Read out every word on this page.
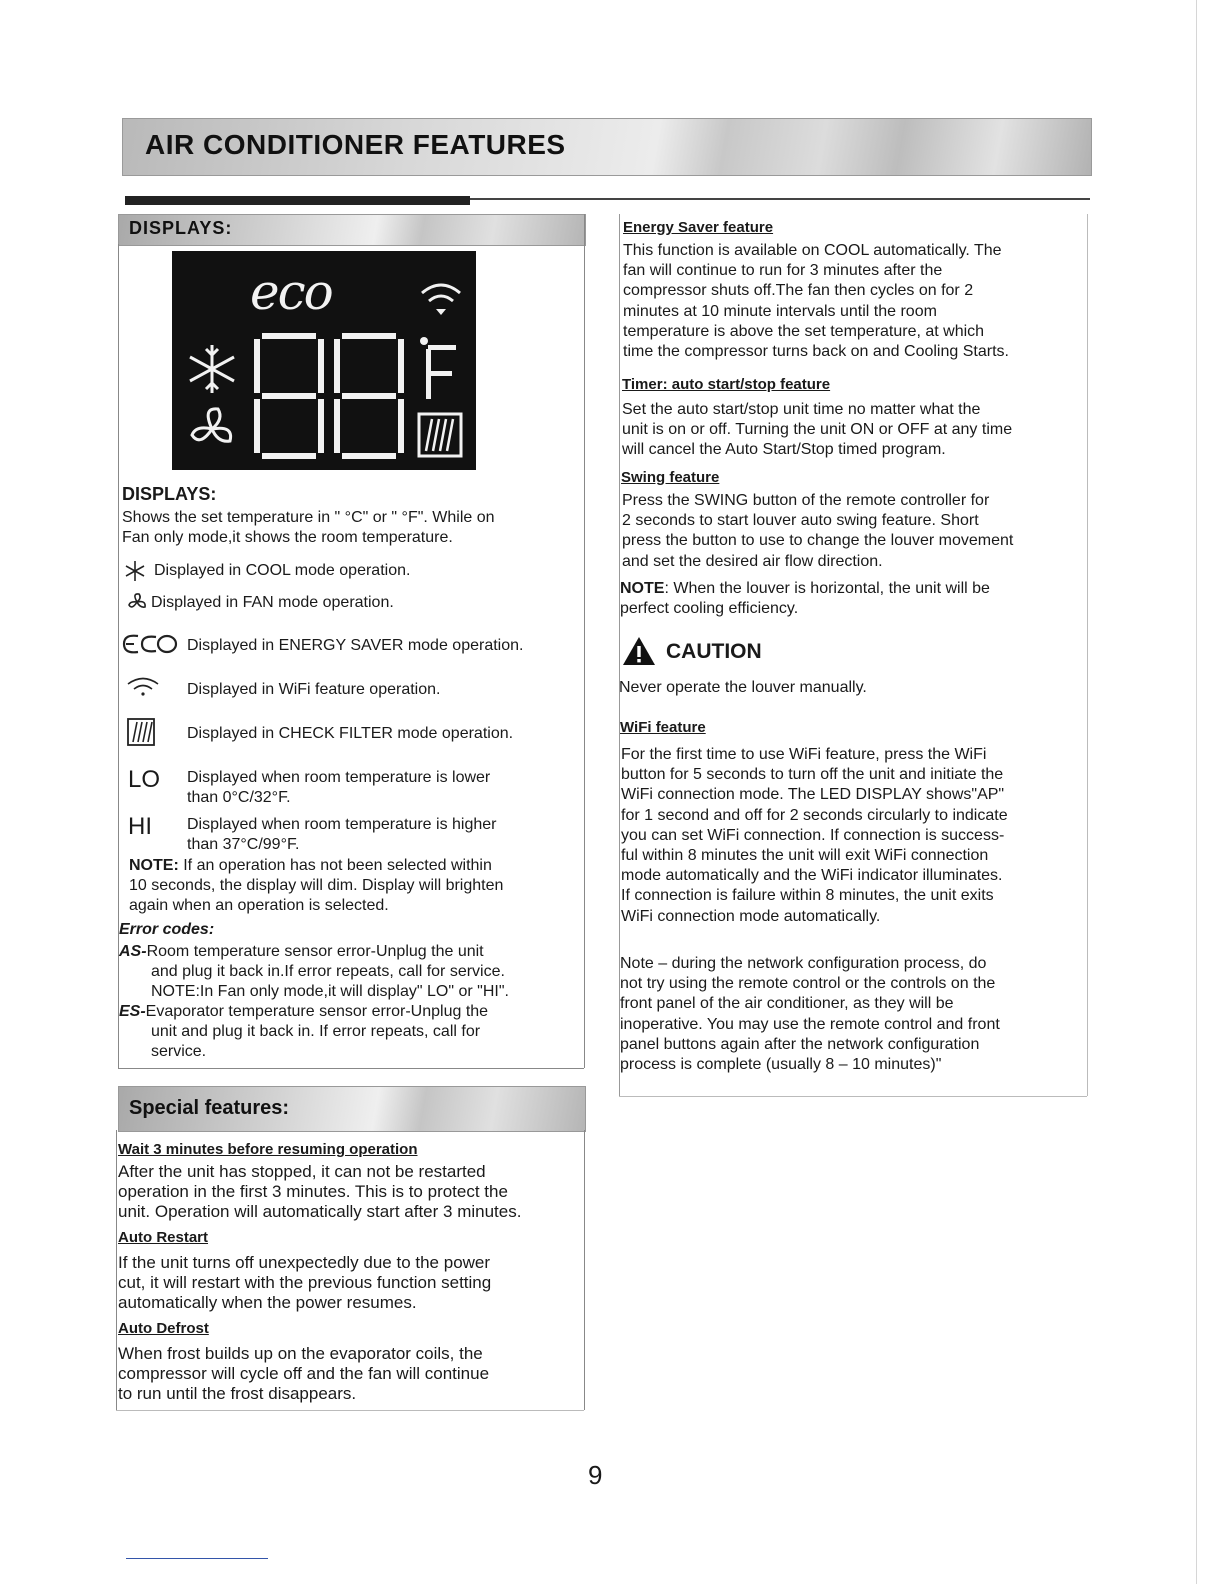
AIR CONDITIONER FEATURES
DISPLAYS:
eco
DISPLAYS:
Shows the set temperature in " °C" or " °F". While on
Fan only mode,it shows the room temperature.
Displayed in COOL mode operation.
Displayed in FAN mode operation.
Displayed in ENERGY SAVER mode operation.
Displayed in WiFi feature operation.
Displayed in CHECK FILTER mode operation.
LO Displayed when room temperature is lower
than 0°C/32°F.
HI Displayed when room temperature is higher
than 37°C/99°F.
NOTE: If an operation has not been selected within
10 seconds, the display will dim. Display will brighten
again when an operation is selected.
Error codes:
AS-Room temperature sensor error-Unplug the unit
and plug it back in.If error repeats, call for service.
NOTE:In Fan only mode,it will display" LO" or "HI".
ES-Evaporator temperature sensor error-Unplug the
unit and plug it back in. If error repeats, call for
service.
Special features:
Wait 3 minutes before resuming operation
After the unit has stopped, it can not be restarted
operation in the first 3 minutes. This is to protect the
unit. Operation will automatically start after 3 minutes.
Auto Restart
If the unit turns off unexpectedly due to the power
cut, it will restart with the previous function setting
automatically when the power resumes.
Auto Defrost
When frost builds up on the evaporator coils, the
compressor will cycle off and the fan will continue
to run until the frost disappears.
Energy Saver feature
This function is available on COOL automatically. The
fan will continue to run for 3 minutes after the
compressor shuts off.The fan then cycles on for 2
minutes at 10 minute intervals until the room
temperature is above the set temperature, at which
time the compressor turns back on and Cooling Starts.
Timer: auto start/stop feature
Set the auto start/stop unit time no matter what the
unit is on or off. Turning the unit ON or OFF at any time
will cancel the Auto Start/Stop timed program.
Swing feature
Press the SWING button of the remote controller for
2 seconds to start louver auto swing feature. Short
press the button to use to change the louver movement
and set the desired air flow direction.
NOTE: When the louver is horizontal, the unit will be
perfect cooling efficiency.
CAUTION
Never operate the louver manually.
WiFi feature
For the first time to use WiFi feature, press the WiFi
button for 5 seconds to turn off the unit and initiate the
WiFi connection mode. The LED DISPLAY shows"AP"
for 1 second and off for 2 seconds circularly to indicate
you can set WiFi connection. If connection is success-
ful within 8 minutes the unit will exit WiFi connection
mode automatically and the WiFi indicator illuminates.
If connection is failure within 8 minutes, the unit exits
WiFi connection mode automatically.
Note – during the network configuration process, do
not try using the remote control or the controls on the
front panel of the air conditioner, as they will be
inoperative. You may use the remote control and front
panel buttons again after the network configuration
process is complete (usually 8 – 10 minutes)"
9
